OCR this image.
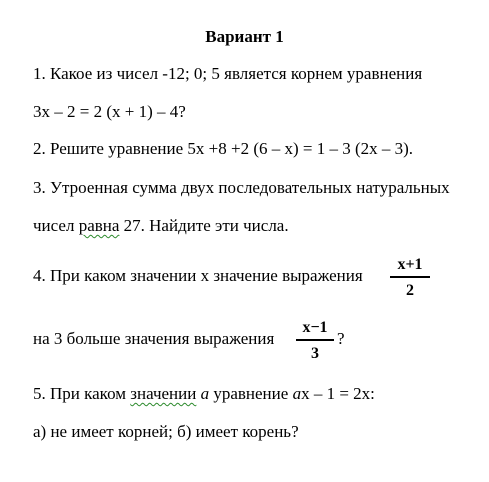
Вариант 1
1. Какое из чисел -12; 0; 5 является корнем уравнения
3x – 2 = 2 (x + 1) – 4?
2. Решите уравнение 5x +8 +2 (6 – x) = 1 – 3 (2x – 3).
3. Утроенная сумма двух последовательных натуральных
чисел равна 27. Найдите эти числа.
4. При каком значении х значение выражения
x+1
2
на 3 больше значения выражения
x−1
3
?
5. При каком значении a уравнение ax – 1 = 2x:
а) не имеет корней; б) имеет корень?
